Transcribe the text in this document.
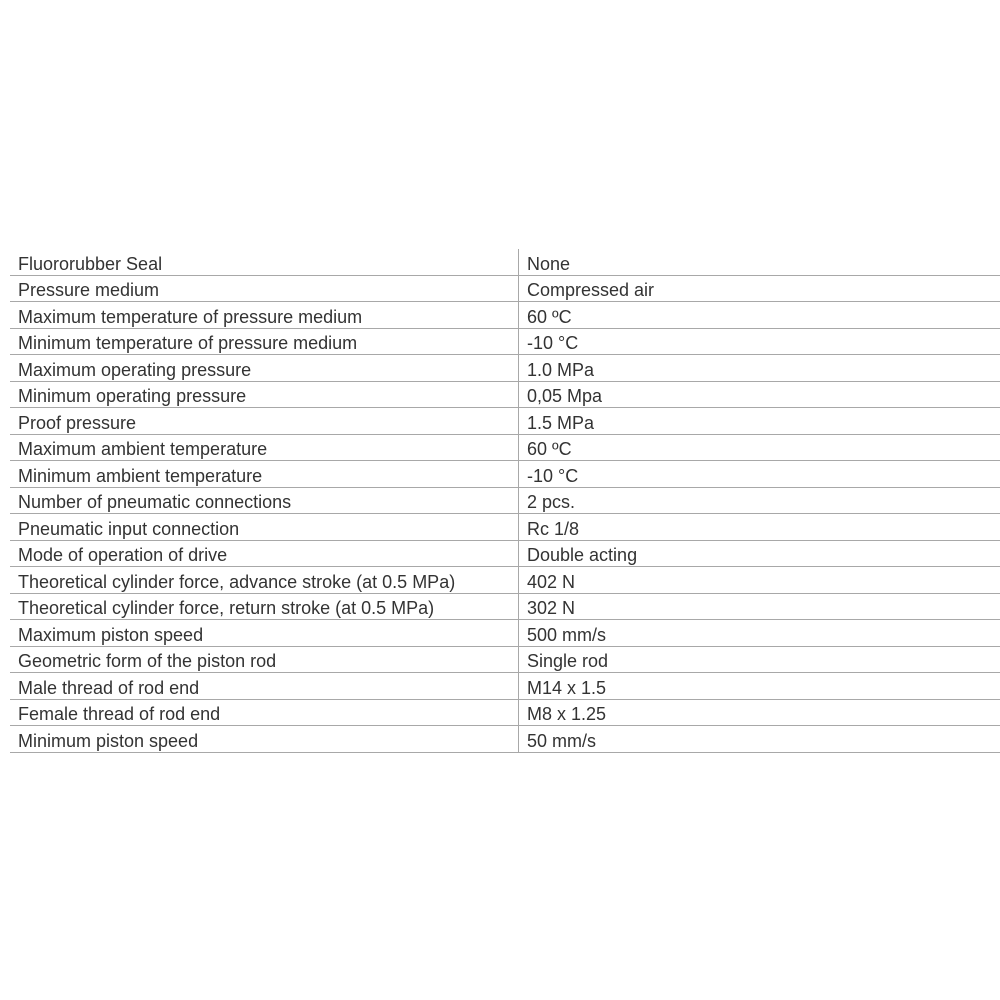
Fluororubber Seal	None
Pressure medium	Compressed air
Maximum temperature of pressure medium	60 ºC
Minimum temperature of pressure medium	-10 °C
Maximum operating pressure	1.0 MPa
Minimum operating pressure	0,05 Mpa
Proof pressure	1.5 MPa
Maximum ambient temperature	60 ºC
Minimum ambient temperature	-10 °C
Number of pneumatic connections	2 pcs.
Pneumatic input connection	Rc 1/8
Mode of operation of drive	Double acting
Theoretical cylinder force, advance stroke (at 0.5 MPa)	402 N
Theoretical cylinder force, return stroke (at 0.5 MPa)	302 N
Maximum piston speed	500 mm/s
Geometric form of the piston rod	Single rod
Male thread of rod end	M14 x 1.5
Female thread of rod end	M8 x 1.25
Minimum piston speed	50 mm/s
